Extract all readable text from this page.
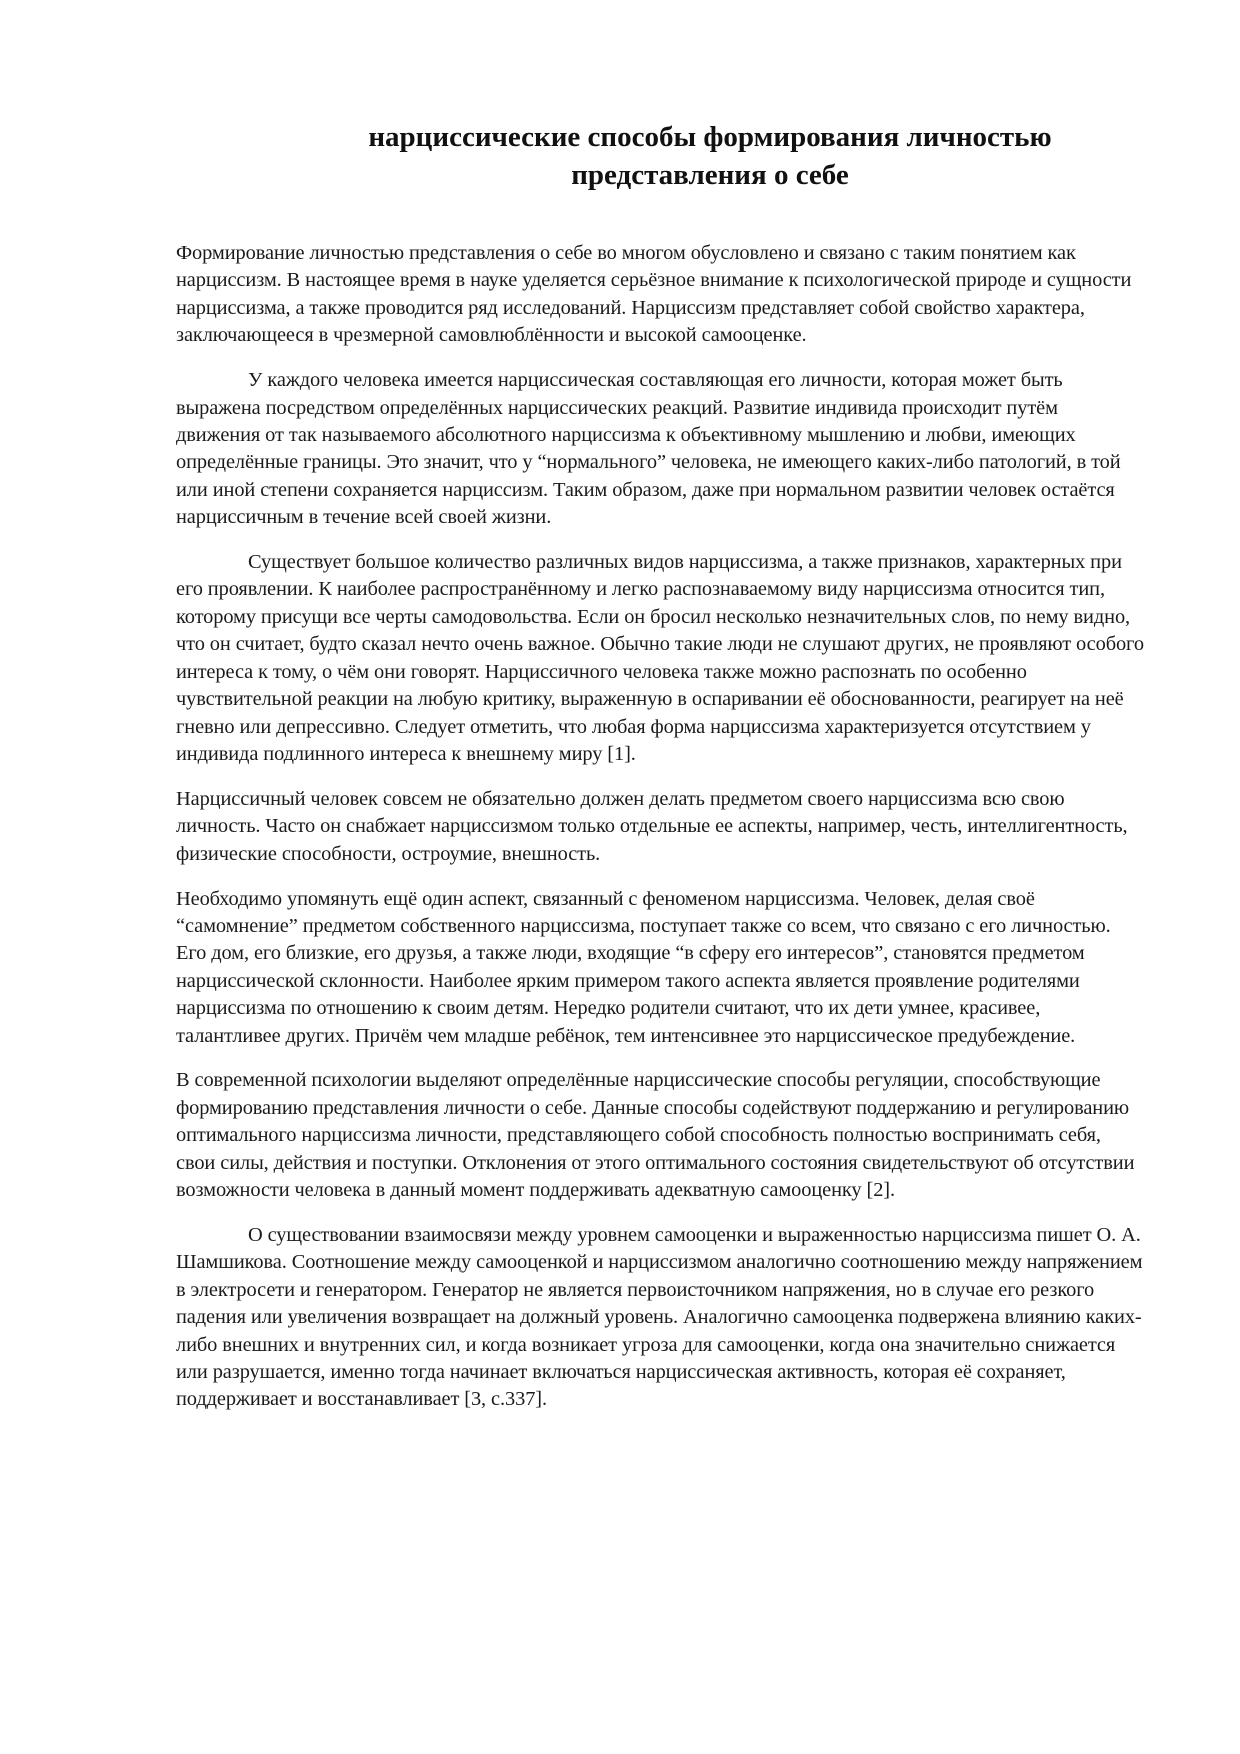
нарциссические способы формирования личностью
представления о себе

Формирование личностью представления о себе во многом обусловлено и связано с таким понятием как нарциссизм. В настоящее время в науке уделяется серьёзное внимание к психологической природе и сущности нарциссизма, а также проводится ряд исследований. Нарциссизм представляет собой свойство характера, заключающееся в чрезмерной самовлюблённости и высокой самооценке.

У каждого человека имеется нарциссическая составляющая его личности, которая может быть выражена посредством определённых нарциссических реакций. Развитие индивида происходит путём движения от так называемого абсолютного нарциссизма к объективному мышлению и любви, имеющих определённые границы. Это значит, что у “нормального” человека, не имеющего каких-либо патологий, в той или иной степени сохраняется нарциссизм. Таким образом, даже при нормальном развитии человек остаётся нарциссичным в течение всей своей жизни.

Существует большое количество различных видов нарциссизма, а также признаков, характерных при его проявлении. К наиболее распространённому и легко распознаваемому виду нарциссизма относится тип, которому присущи все черты самодовольства. Если он бросил несколько незначительных слов, по нему видно, что он считает, будто сказал нечто очень важное. Обычно такие люди не слушают других, не проявляют особого интереса к тому, о чём они говорят. Нарциссичного человека также можно распознать по особенно чувствительной реакции на любую критику, выраженную в оспаривании её обоснованности, реагирует на неё гневно или депрессивно. Следует отметить, что любая форма нарциссизма характеризуется отсутствием у индивида подлинного интереса к внешнему миру [1].

Нарциссичный человек совсем не обязательно должен делать предметом своего нарциссизма всю свою личность. Часто он снабжает нарциссизмом только отдельные ее аспекты, например, честь, интеллигентность, физические способности, остроумие, внешность.

Необходимо упомянуть ещё один аспект, связанный с феноменом нарциссизма. Человек, делая своё “самомнение” предметом собственного нарциссизма, поступает также со всем, что связано с его личностью. Его дом, его близкие, его друзья, а также люди, входящие “в сферу его интересов”, становятся предметом нарциссической склонности. Наиболее ярким примером такого аспекта является проявление родителями нарциссизма по отношению к своим детям. Нередко родители считают, что их дети умнее, красивее, талантливее других. Причём чем младше ребёнок, тем интенсивнее это нарциссическое предубеждение.

В современной психологии выделяют определённые нарциссические способы регуляции, способствующие формированию представления личности о себе. Данные способы содействуют поддержанию и регулированию оптимального нарциссизма личности, представляющего собой способность полностью воспринимать себя, свои силы, действия и поступки. Отклонения от этого оптимального состояния свидетельствуют об отсутствии возможности человека в данный момент поддерживать адекватную самооценку [2].

О существовании взаимосвязи между уровнем самооценки и выраженностью нарциссизма пишет О. А. Шамшикова. Соотношение между самооценкой и нарциссизмом аналогично соотношению между напряжением в электросети и генератором. Генератор не является первоисточником напряжения, но в случае его резкого падения или увеличения возвращает на должный уровень. Аналогично самооценка подвержена влиянию каких-либо внешних и внутренних сил, и когда возникает угроза для самооценки, когда она значительно снижается или разрушается, именно тогда начинает включаться нарциссическая активность, которая её сохраняет, поддерживает и восстанавливает [3, с.337].
